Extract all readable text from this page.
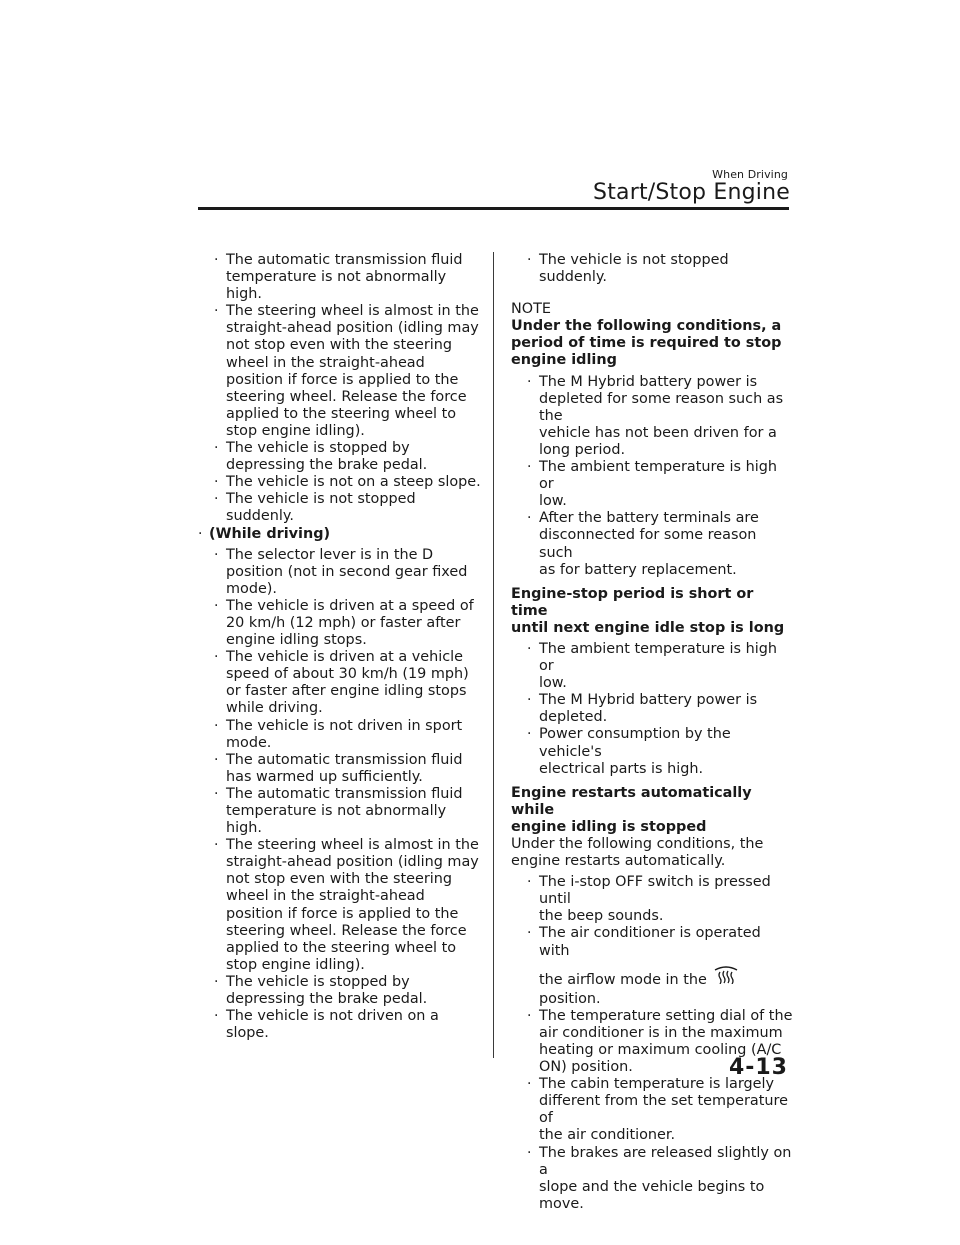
When Driving
Start/Stop Engine
· The automatic transmission fluid
temperature is not abnormally
high.
· The steering wheel is almost in the
straight-ahead position (idling may
not stop even with the steering
wheel in the straight-ahead
position if force is applied to the
steering wheel. Release the force
applied to the steering wheel to
stop engine idling).
· The vehicle is stopped by
depressing the brake pedal.
· The vehicle is not on a steep slope.
· The vehicle is not stopped
suddenly.
· (While driving)
· The selector lever is in the D
position (not in second gear fixed
mode).
· The vehicle is driven at a speed of
20 km/h (12 mph) or faster after
engine idling stops.
· The vehicle is driven at a vehicle
speed of about 30 km/h (19 mph)
or faster after engine idling stops
while driving.
· The vehicle is not driven in sport
mode.
· The automatic transmission fluid
has warmed up sufficiently.
· The automatic transmission fluid
temperature is not abnormally
high.
· The steering wheel is almost in the
straight-ahead position (idling may
not stop even with the steering
wheel in the straight-ahead
position if force is applied to the
steering wheel. Release the force
applied to the steering wheel to
stop engine idling).
· The vehicle is stopped by
depressing the brake pedal.
· The vehicle is not driven on a
slope.
· The vehicle is not stopped
suddenly.

NOTE

Under the following conditions, a
period of time is required to stop
engine idling
· The M Hybrid battery power is
depleted for some reason such as the
vehicle has not been driven for a
long period.
· The ambient temperature is high or
low.
· After the battery terminals are
disconnected for some reason such
as for battery replacement.
Engine-stop period is short or time
until next engine idle stop is long
· The ambient temperature is high or
low.
· The M Hybrid battery power is
depleted.
· Power consumption by the vehicle's
electrical parts is high.
Engine restarts automatically while
engine idling is stopped
Under the following conditions, the
engine restarts automatically.
· The i-stop OFF switch is pressed until
the beep sounds.
· The air conditioner is operated with
the airflow mode in the
position.
· The temperature setting dial of the
air conditioner is in the maximum
heating or maximum cooling (A/C
ON) position.
· The cabin temperature is largely
different from the set temperature of
the air conditioner.
· The brakes are released slightly on a
slope and the vehicle begins to
move.
4-13
